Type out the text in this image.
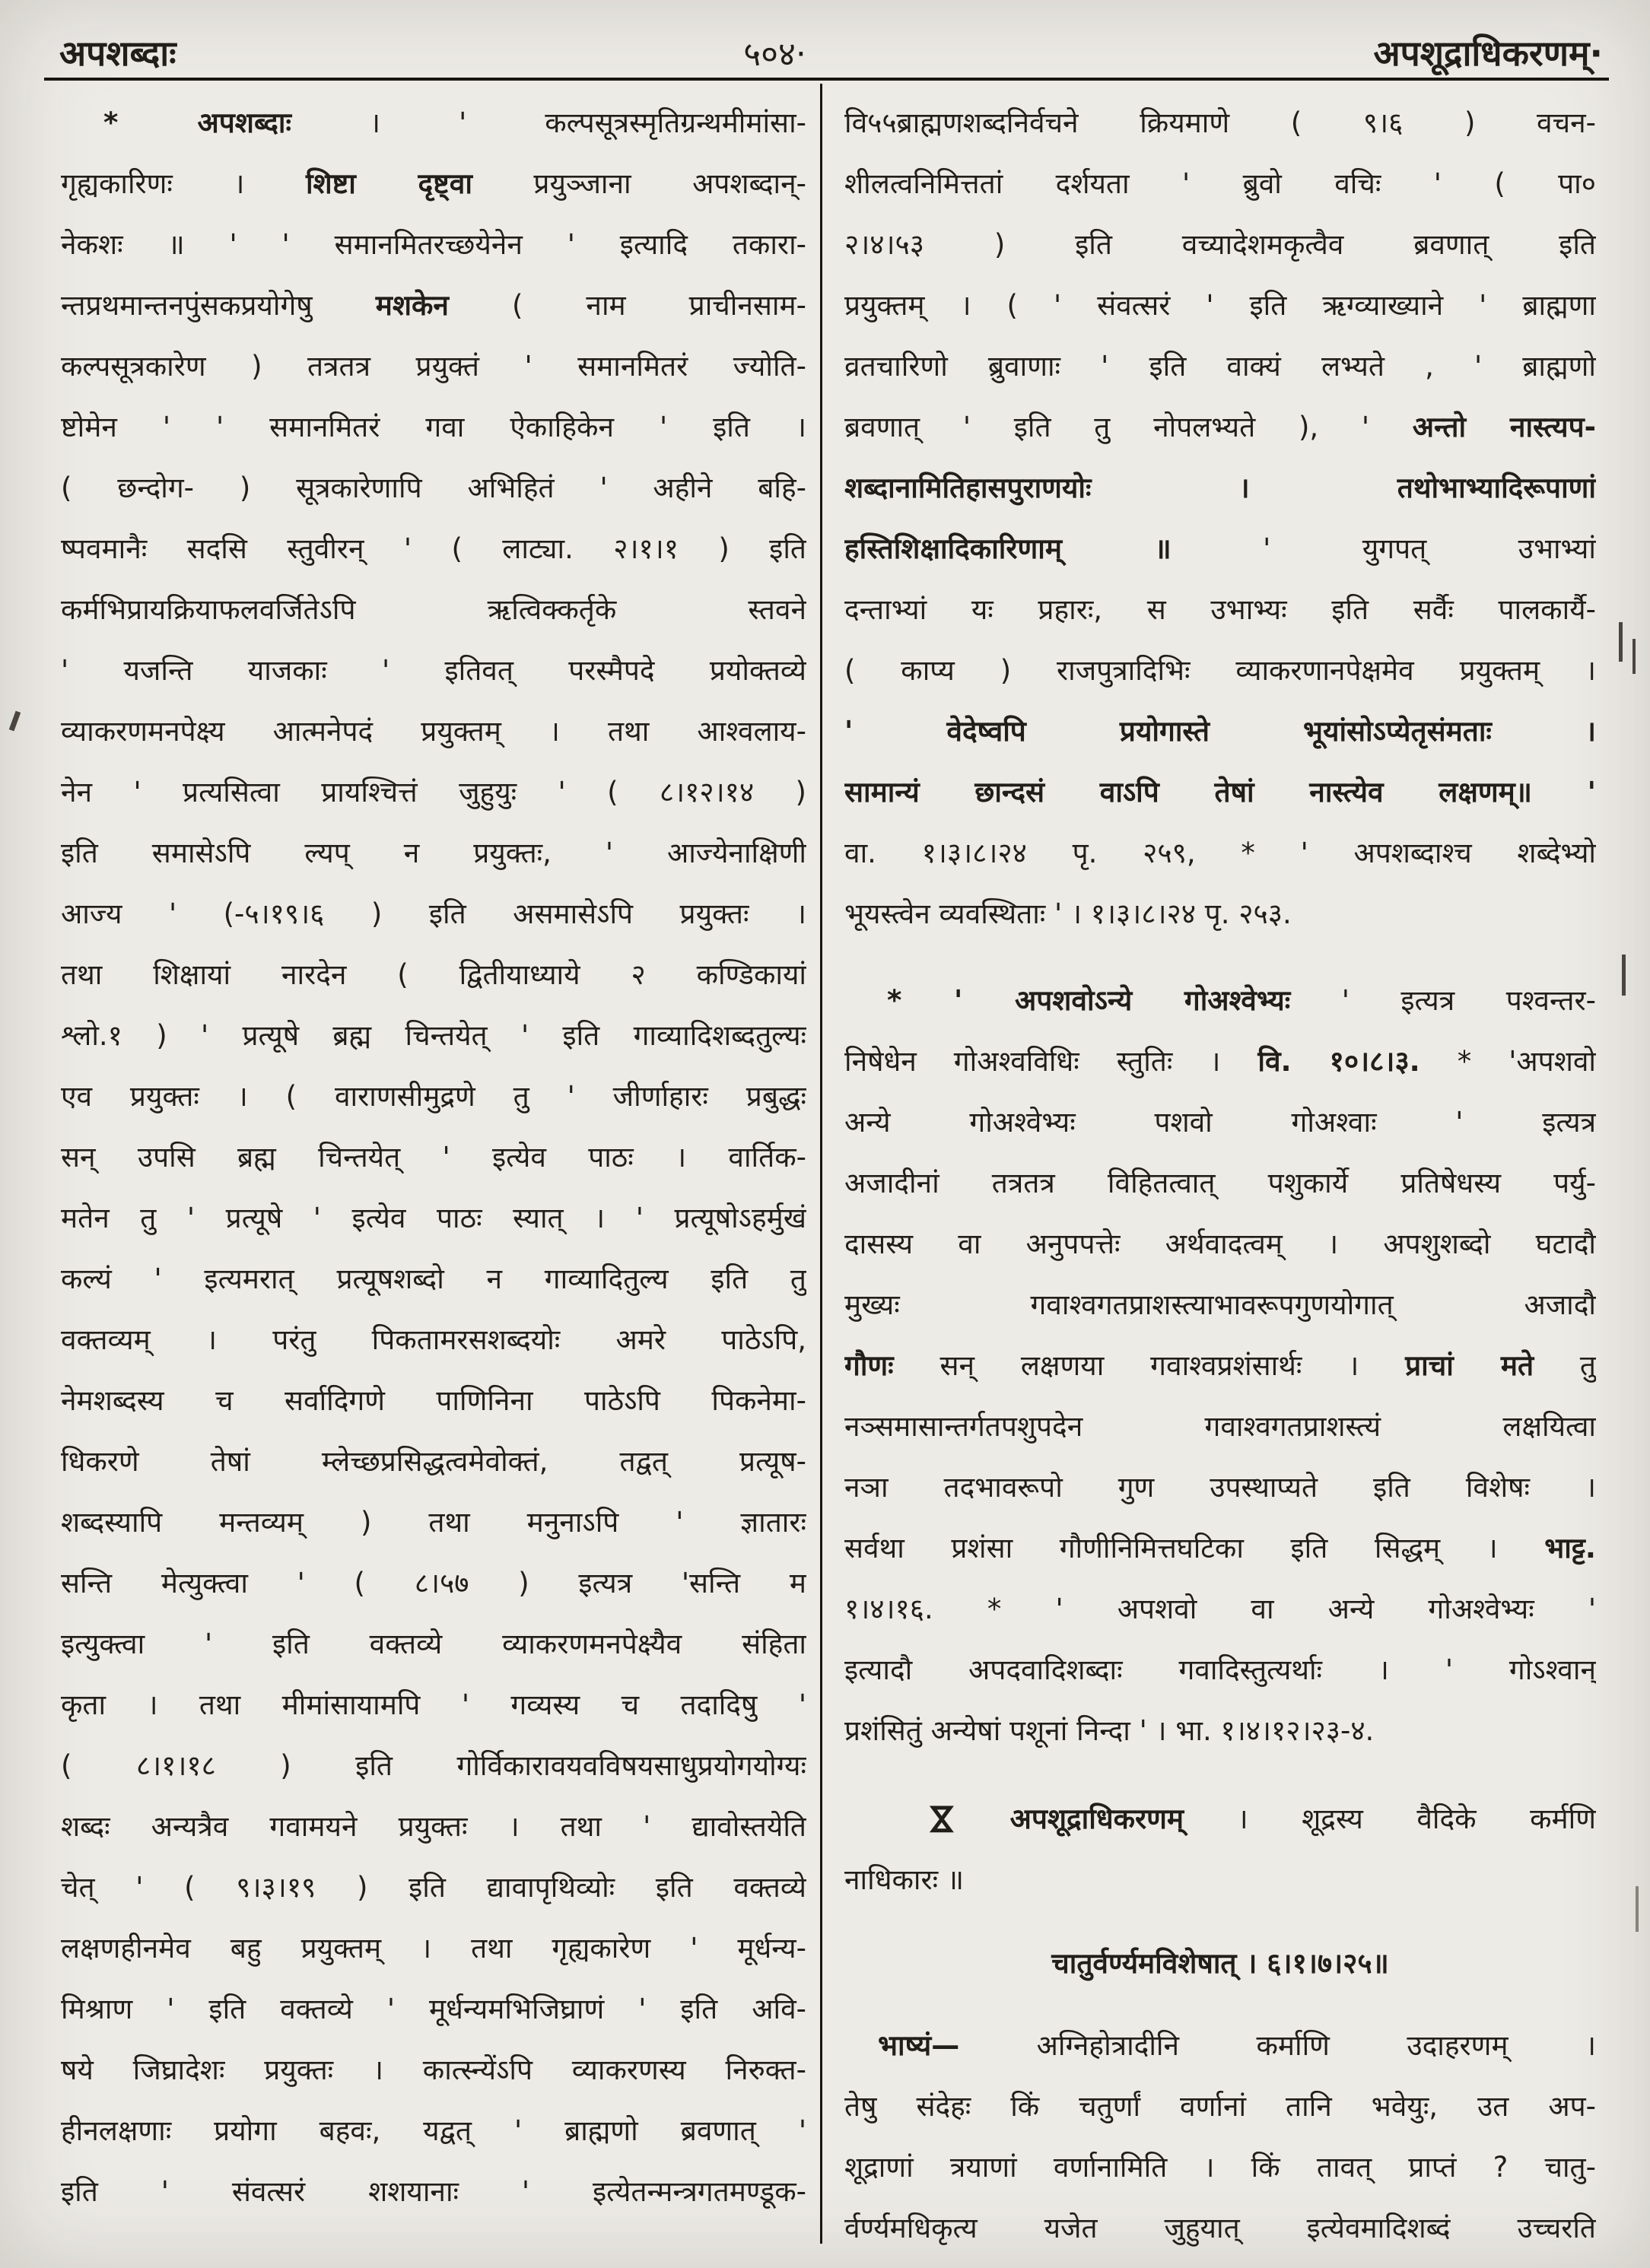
अपशब्दाः	५०४·	अपशूद्राधिकरणम्·
* अपशब्दाः । ' कल्पसूत्रस्मृतिग्रन्थमीमांसा-
गृह्यकारिणः । शिष्टा दृष्ट्वा प्रयुञ्जाना अपशब्दान्-
नेकशः ॥ ' ' समानमितरच्छयेनेन ' इत्यादि तकारा-
न्तप्रथमान्तनपुंसकप्रयोगेषु मशकेन ( नाम प्राचीनसाम-
कल्पसूत्रकारेण ) तत्रतत्र प्रयुक्तं ' समानमितरं ज्योति-
ष्टोमेन ' ' समानमितरं गवा ऐकाहिकेन ' इति ।
( छन्दोग- ) सूत्रकारेणापि अभिहितं ' अहीने बहि-
ष्पवमानैः सदसि स्तुवीरन् ' ( लाट्या. २।१।१ ) इति
कर्मभिप्रायक्रियाफलवर्जितेऽपि ऋत्विक्कर्तृके स्तवने
' यजन्ति याजकाः ' इतिवत् परस्मैपदे प्रयोक्तव्ये
व्याकरणमनपेक्ष्य आत्मनेपदं प्रयुक्तम् । तथा आश्वलाय-
नेन ' प्रत्यसित्वा प्रायश्चित्तं जुहुयुः ' ( ८।१२।१४ )
इति समासेऽपि ल्यप् न प्रयुक्तः, ' आज्येनाक्षिणी
आज्य ' (-५।१९।६ ) इति असमासेऽपि प्रयुक्तः ।
तथा शिक्षायां नारदेन ( द्वितीयाध्याये २ कण्डिकायां
श्लो.१ ) ' प्रत्यूषे ब्रह्म चिन्तयेत् ' इति गाव्यादिशब्दतुल्यः
एव प्रयुक्तः । ( वाराणसीमुद्रणे तु ' जीर्णाहारः प्रबुद्धः
सन् उपसि ब्रह्म चिन्तयेत् ' इत्येव पाठः । वार्तिक-
मतेन तु ' प्रत्यूषे ' इत्येव पाठः स्यात् । ' प्रत्यूषोऽहर्मुखं
कल्यं ' इत्यमरात् प्रत्यूषशब्दो न गाव्यादितुल्य इति तु
वक्तव्यम् । परंतु पिकतामरसशब्दयोः अमरे पाठेऽपि,
नेमशब्दस्य च सर्वादिगणे पाणिनिना पाठेऽपि पिकनेमा-
धिकरणे तेषां म्लेच्छप्रसिद्धत्वमेवोक्तं, तद्वत् प्रत्यूष-
शब्दस्यापि मन्तव्यम् ) तथा मनुनाऽपि ' ज्ञातारः
सन्ति मेत्युक्त्वा ' ( ८।५७ ) इत्यत्र 'सन्ति म
इत्युक्त्वा ' इति वक्तव्ये व्याकरणमनपेक्ष्यैव संहिता
कृता । तथा मीमांसायामपि ' गव्यस्य च तदादिषु '
( ८।१।१८ ) इति गोर्विकारावयवविषयसाधुप्रयोगयोग्यः
शब्दः अन्यत्रैव गवामयने प्रयुक्तः । तथा ' द्यावोस्तयेति
चेत् ' ( ९।३।१९ ) इति द्यावापृथिव्योः इति वक्तव्ये
लक्षणहीनमेव बहु प्रयुक्तम् । तथा गृह्यकारेण ' मूर्धन्य-
मिश्राण ' इति वक्तव्ये ' मूर्धन्यमभिजिघ्राणं ' इति अवि-
षये जिघ्रादेशः प्रयुक्तः । कात्स्न्येंऽपि व्याकरणस्य निरुक्त-
हीनलक्षणाः प्रयोगा बहवः, यद्वत् ' ब्राह्मणो ब्रवणात् '
इति ' संवत्सरं शशयानाः ' इत्येतन्मन्त्रगतमण्डूक-
वि५५ब्राह्मणशब्दनिर्वचने क्रियमाणे ( ९।६ ) वचन-
शीलत्वनिमित्ततां दर्शयता ' ब्रुवो वचिः ' ( पा०
२।४।५३ ) इति वच्यादेशमकृत्वैव ब्रवणात् इति
प्रयुक्तम् । ( ' संवत्सरं ' इति ऋग्व्याख्याने ' ब्राह्मणा
व्रतचारिणो ब्रुवाणाः ' इति वाक्यं लभ्यते , ' ब्राह्मणो
ब्रवणात् ' इति तु नोपलभ्यते ), ' अन्तो नास्त्यप-
शब्दानामितिहासपुराणयोः । तथोभाभ्यादिरूपाणां
हस्तिशिक्षादिकारिणाम् ॥ ' युगपत् उभाभ्यां
दन्ताभ्यां यः प्रहारः, स उभाभ्यः इति सर्वैः पालकार्यै-
( काप्य ) राजपुत्रादिभिः व्याकरणानपेक्षमेव प्रयुक्तम् ।
' वेदेष्वपि प्रयोगास्ते भूयांसोऽप्येतृसंमताः ।
सामान्यं छान्दसं वाऽपि तेषां नास्त्येव लक्षणम्॥ '
वा. १।३।८।२४ पृ. २५९, * ' अपशब्दाश्च शब्देभ्यो
भूयस्त्वेन व्यवस्थिताः ' । १।३।८।२४ पृ. २५३.
* ' अपशवोऽन्ये गोअश्वेभ्यः ' इत्यत्र पश्वन्तर-
निषेधेन गोअश्वविधिः स्तुतिः । वि. १०।८।३. * 'अपशवो
अन्ये गोअश्वेभ्यः पशवो गोअश्वाः ' इत्यत्र
अजादीनां तत्रतत्र विहितत्वात् पशुकार्ये प्रतिषेधस्य पर्यु-
दासस्य वा अनुपपत्तेः अर्थवादत्वम् । अपशुशब्दो घटादौ
मुख्यः गवाश्वगतप्राशस्त्याभावरूपगुणयोगात् अजादौ
गौणः सन् लक्षणया गवाश्वप्रशंसार्थः । प्राचां मते तु
नञ्समासान्तर्गतपशुपदेन गवाश्वगतप्राशस्त्यं लक्षयित्वा
नञा तदभावरूपो गुण उपस्थाप्यते इति विशेषः ।
सर्वथा प्रशंसा गौणीनिमित्तघटिका इति सिद्धम् । भाट्ट.
१।४।१६. * ' अपशवो वा अन्ये गोअश्वेभ्यः '
इत्यादौ अपदवादिशब्दाः गवादिस्तुत्यर्थाः । ' गोऽश्वान्
प्रशंसितुं अन्येषां पशूनां निन्दा ' । भा. १।४।१२।२३-४.
⋈ अपशूद्राधिकरणम् । शूद्रस्य वैदिके कर्मणि
नाधिकारः ॥
चातुर्वर्ण्यमविशेषात् । ६।१।७।२५॥
भाष्यं— अग्निहोत्रादीनि कर्माणि उदाहरणम् ।
तेषु संदेहः किं चतुर्णां वर्णानां तानि भवेयुः, उत अप-
शूद्राणां त्रयाणां वर्णानामिति । किं तावत् प्राप्तं ? चातु-
र्वर्ण्यमधिकृत्य यजेत जुहुयात् इत्येवमादिशब्दं उच्चरति
